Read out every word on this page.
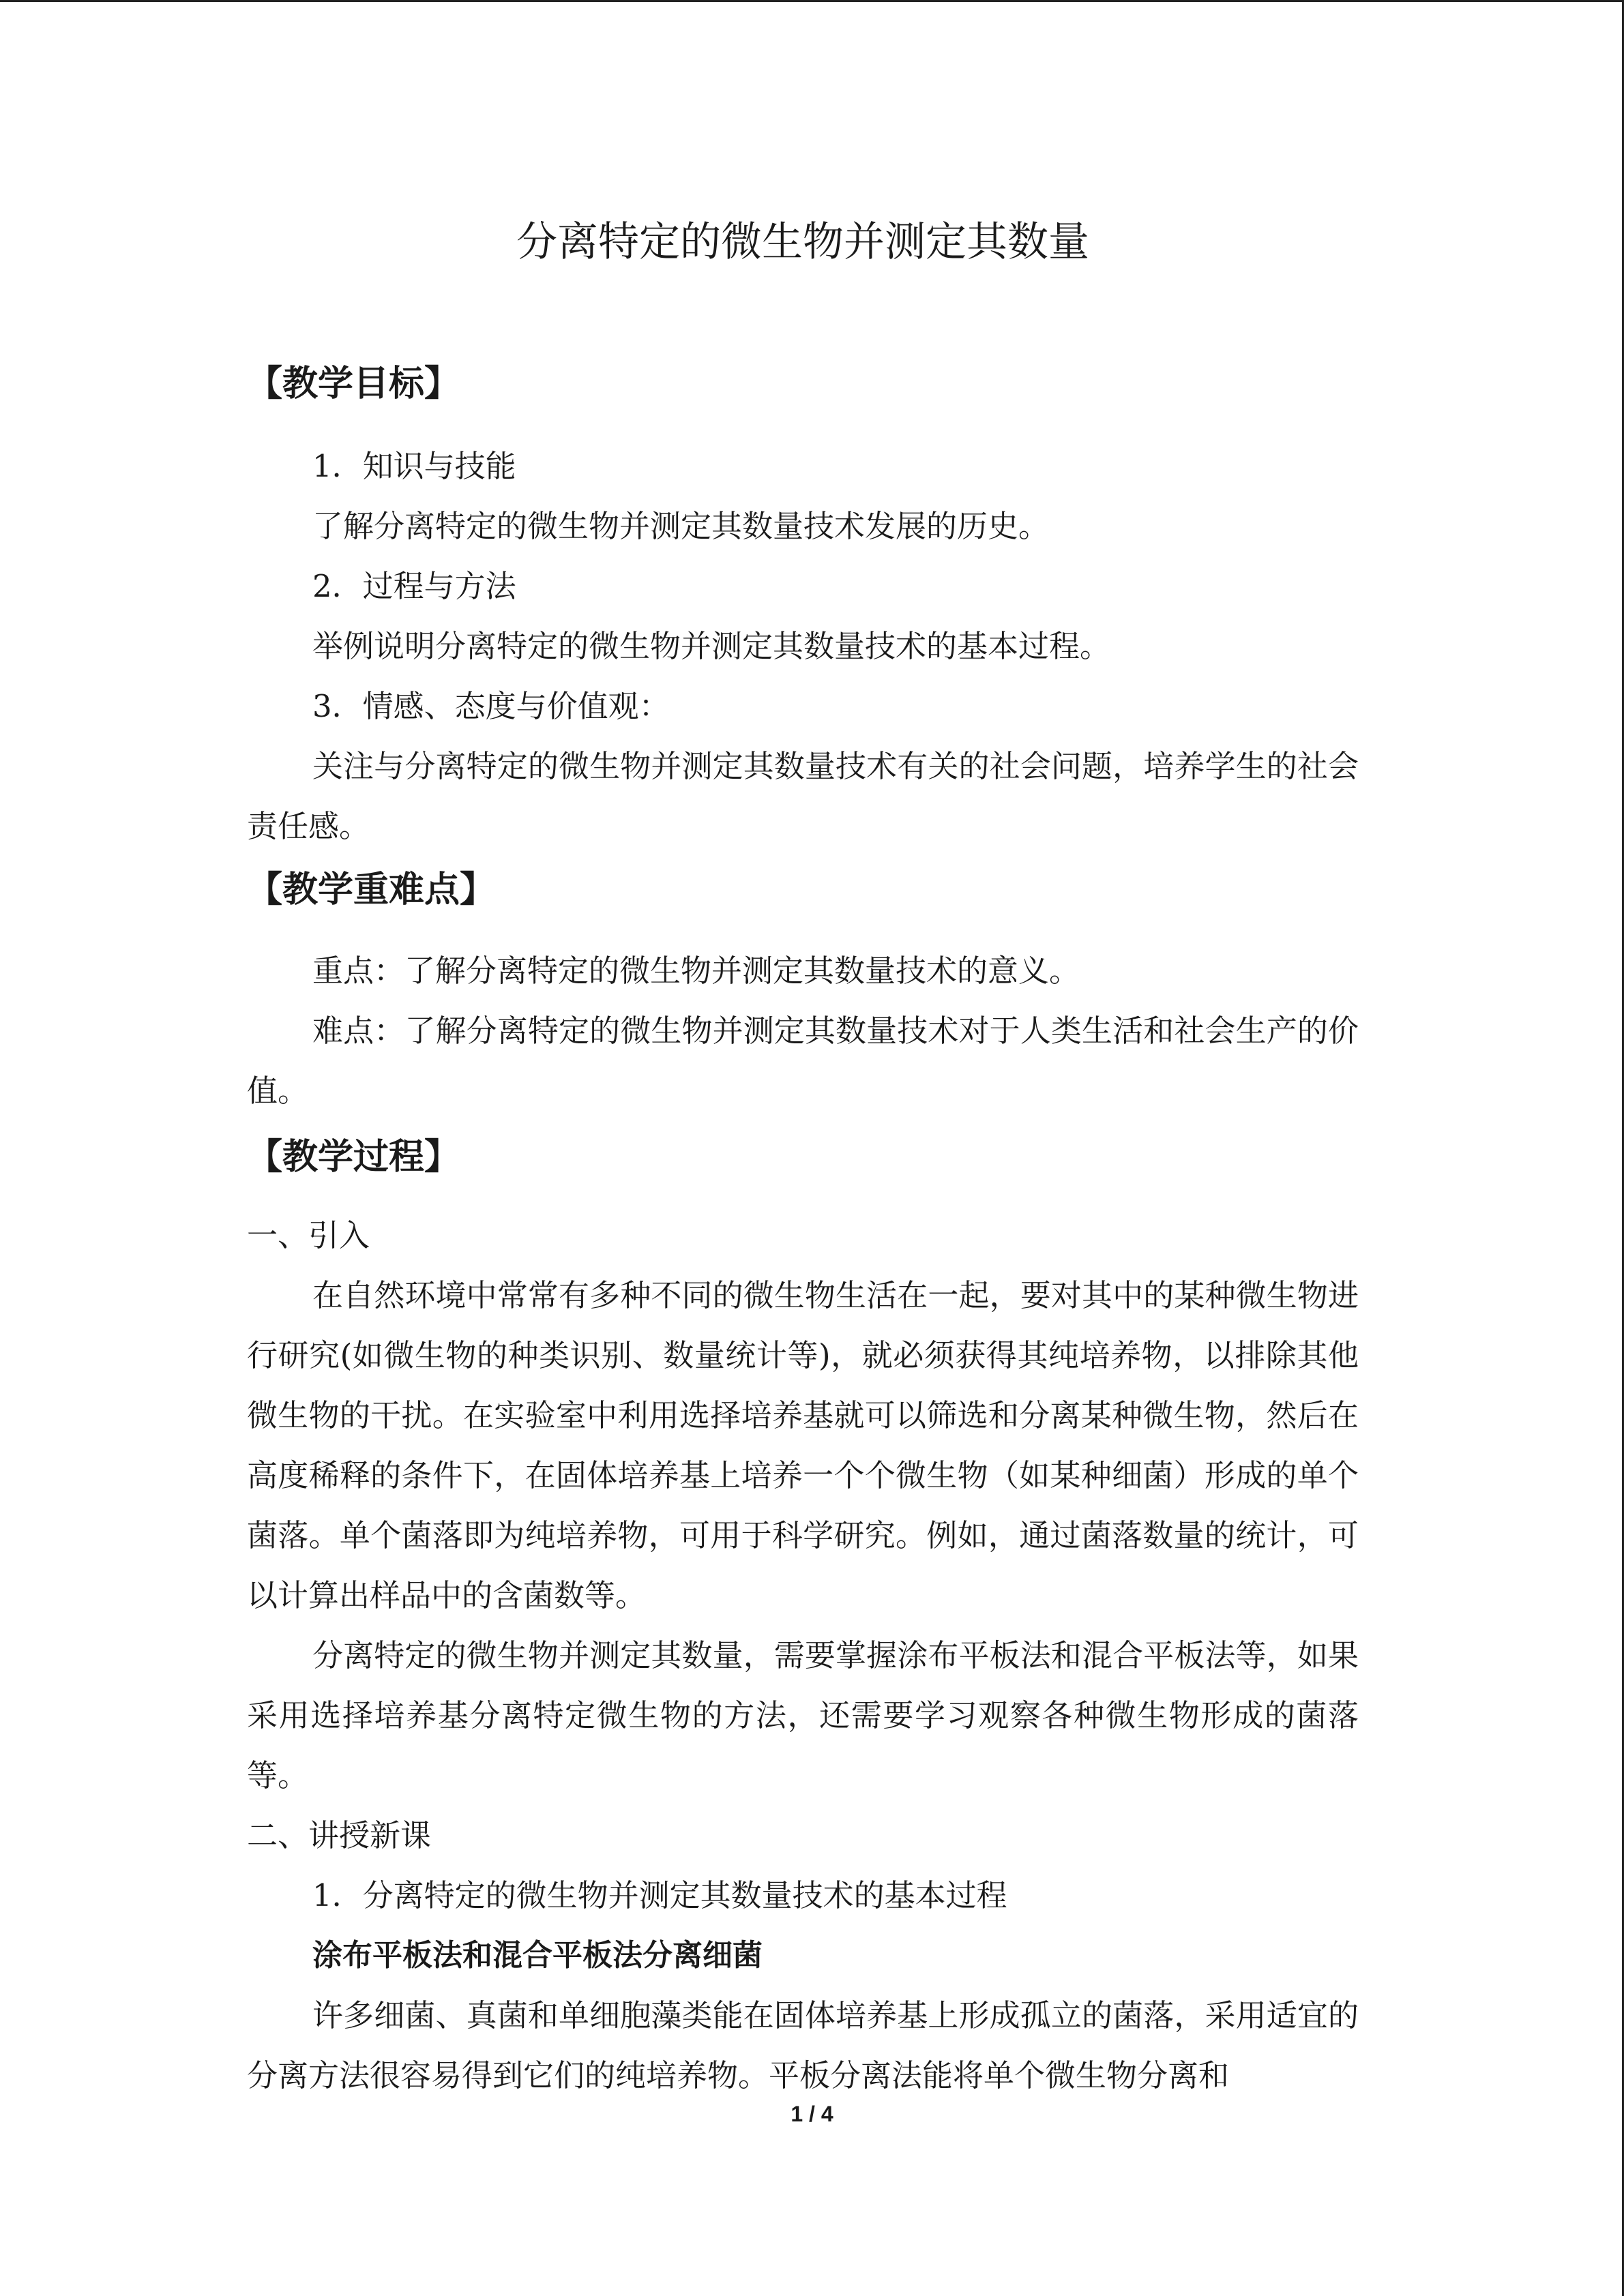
分离特定的微生物并测定其数量
【教学目标】

1．知识与技能

了解分离特定的微生物并测定其数量技术发展的历史。

2．过程与方法

举例说明分离特定的微生物并测定其数量技术的基本过程。

3．情感、态度与价值观：

关注与分离特定的微生物并测定其数量技术有关的社会问题，培养学生的社会责任感。

【教学重难点】

重点：了解分离特定的微生物并测定其数量技术的意义。

难点：了解分离特定的微生物并测定其数量技术对于人类生活和社会生产的价值。

【教学过程】

一、引入

在自然环境中常常有多种不同的微生物生活在一起，要对其中的某种微生物进行研究(如微生物的种类识别、数量统计等)，就必须获得其纯培养物，以排除其他微生物的干扰。在实验室中利用选择培养基就可以筛选和分离某种微生物，然后在高度稀释的条件下，在固体培养基上培养一个个微生物（如某种细菌）形成的单个菌落。单个菌落即为纯培养物，可用于科学研究。例如，通过菌落数量的统计，可以计算出样品中的含菌数等。

分离特定的微生物并测定其数量，需要掌握涂布平板法和混合平板法等，如果采用选择培养基分离特定微生物的方法，还需要学习观察各种微生物形成的菌落等。

二、讲授新课

1．分离特定的微生物并测定其数量技术的基本过程

涂布平板法和混合平板法分离细菌

许多细菌、真菌和单细胞藻类能在固体培养基上形成孤立的菌落，采用适宜的分离方法很容易得到它们的纯培养物。平板分离法能将单个微生物分离和

1 / 4
